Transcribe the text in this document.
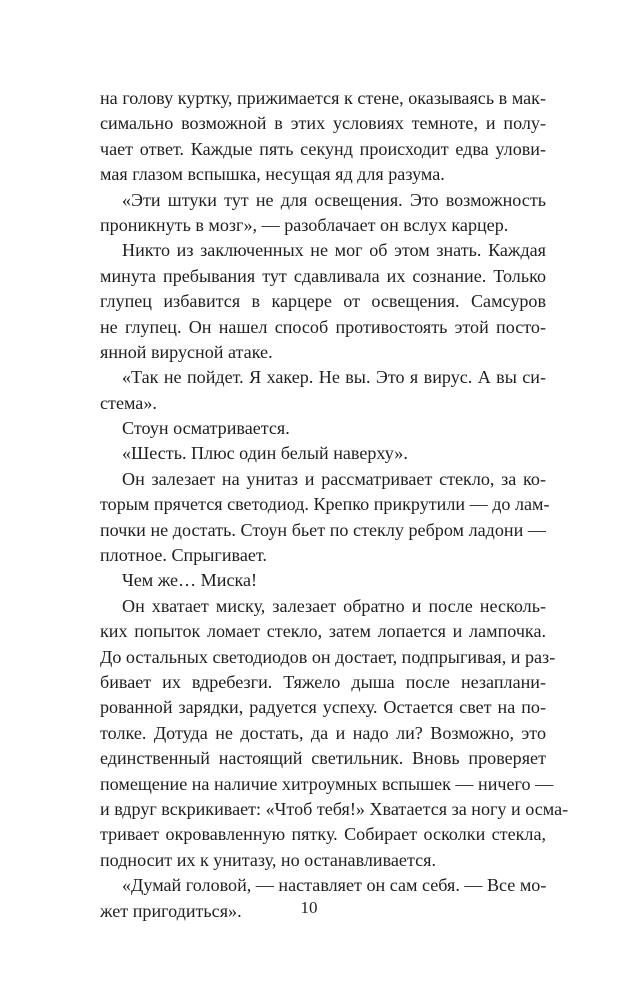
на голову куртку, прижимается к стене, оказываясь в мак-
симально возможной в этих условиях темноте, и полу-
чает ответ. Каждые пять секунд происходит едва улови-
мая глазом вспышка, несущая яд для разума.
«Эти штуки тут не для освещения. Это возможность
проникнуть в мозг», — разоблачает он вслух карцер.
Никто из заключенных не мог об этом знать. Каждая
минута пребывания тут сдавливала их сознание. Только
глупец избавится в карцере от освещения. Самсуров
не глупец. Он нашел способ противостоять этой посто-
янной вирусной атаке.
«Так не пойдет. Я хакер. Не вы. Это я вирус. А вы си-
стема».
Стоун осматривается.
«Шесть. Плюс один белый наверху».
Он залезает на унитаз и рассматривает стекло, за ко-
торым прячется светодиод. Крепко прикрутили — до лам-
почки не достать. Стоун бьет по стеклу ребром ладони —
плотное. Спрыгивает.
Чем же… Миска!
Он хватает миску, залезает обратно и после несколь-
ких попыток ломает стекло, затем лопается и лампочка.
До остальных светодиодов он достает, подпрыгивая, и раз-
бивает их вдребезги. Тяжело дыша после незаплани-
рованной зарядки, радуется успеху. Остается свет на по-
толке. Дотуда не достать, да и надо ли? Возможно, это
единственный настоящий светильник. Вновь проверяет
помещение на наличие хитроумных вспышек — ничего —
и вдруг вскрикивает: «Чтоб тебя!» Хватается за ногу и осма-
тривает окровавленную пятку. Собирает осколки стекла,
подносит их к унитазу, но останавливается.
«Думай головой, — наставляет он сам себя. — Все мо-
жет пригодиться».	10
